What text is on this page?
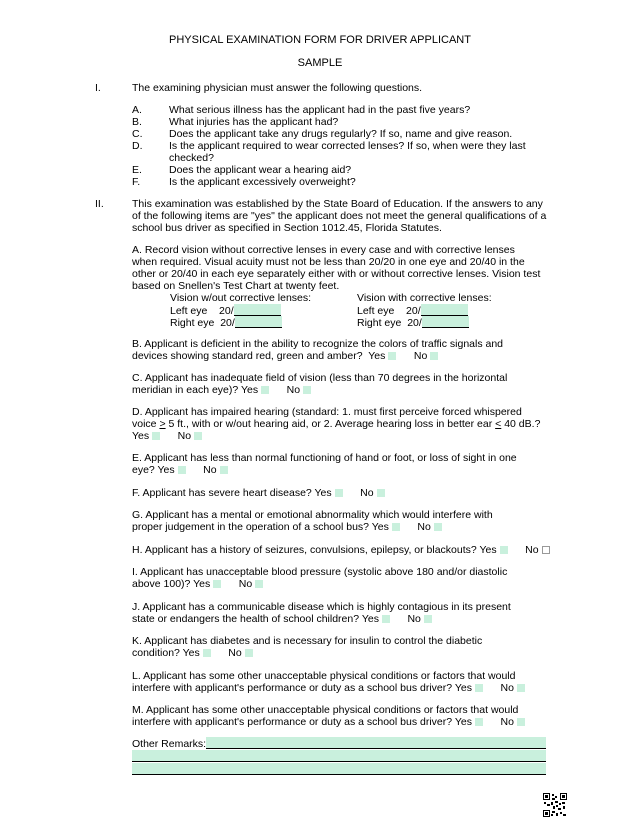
PHYSICAL EXAMINATION FORM FOR DRIVER APPLICANT
SAMPLE
I.	The examining physician must answer the following questions.
A.	What serious illness has the applicant had in the past five years?
B.	What injuries has the applicant had?
C.	Does the applicant take any drugs regularly? If so, name and give reason.
D.	Is the applicant required to wear corrected lenses? If so, when were they last
checked?
E.	Does the applicant wear a hearing aid?
F.	Is the applicant excessively overweight?
II.	This examination was established by the State Board of Education. If the answers to any
of the following items are "yes" the applicant does not meet the general qualifications of a
school bus driver as specified in Section 1012.45, Florida Statutes.
A. Record vision without corrective lenses in every case and with corrective lenses
when required. Visual acuity must not be less than 20/20 in one eye and 20/40 in the
other or 20/40 in each eye separately either with or without corrective lenses. Vision test
based on Snellen's Test Chart at twenty feet.
Vision w/out corrective lenses:	Vision with corrective lenses:
Left eye 20/	Left eye 20/
Right eye 20/	Right eye 20/
B. Applicant is deficient in the ability to recognize the colors of traffic signals and
devices showing standard red, green and amber? Yes	No
C. Applicant has inadequate field of vision (less than 70 degrees in the horizontal
meridian in each eye)? Yes	No
D. Applicant has impaired hearing (standard: 1. must first perceive forced whispered
voice ≥ 5 ft., with or w/out hearing aid, or 2. Average hearing loss in better ear ≤ 40 dB.?
Yes	No
E. Applicant has less than normal functioning of hand or foot, or loss of sight in one
eye? Yes	No
F. Applicant has severe heart disease? Yes	No
G. Applicant has a mental or emotional abnormality which would interfere with
proper judgement in the operation of a school bus? Yes	No
H. Applicant has a history of seizures, convulsions, epilepsy, or blackouts? Yes	No
I. Applicant has unacceptable blood pressure (systolic above 180 and/or diastolic
above 100)? Yes	No
J. Applicant has a communicable disease which is highly contagious in its present
state or endangers the health of school children? Yes	No
K. Applicant has diabetes and is necessary for insulin to control the diabetic
condition? Yes	No
L. Applicant has some other unacceptable physical conditions or factors that would
interfere with applicant's performance or duty as a school bus driver? Yes	No
M. Applicant has some other unacceptable physical conditions or factors that would
interfere with applicant's performance or duty as a school bus driver? Yes	No
Other Remarks:
